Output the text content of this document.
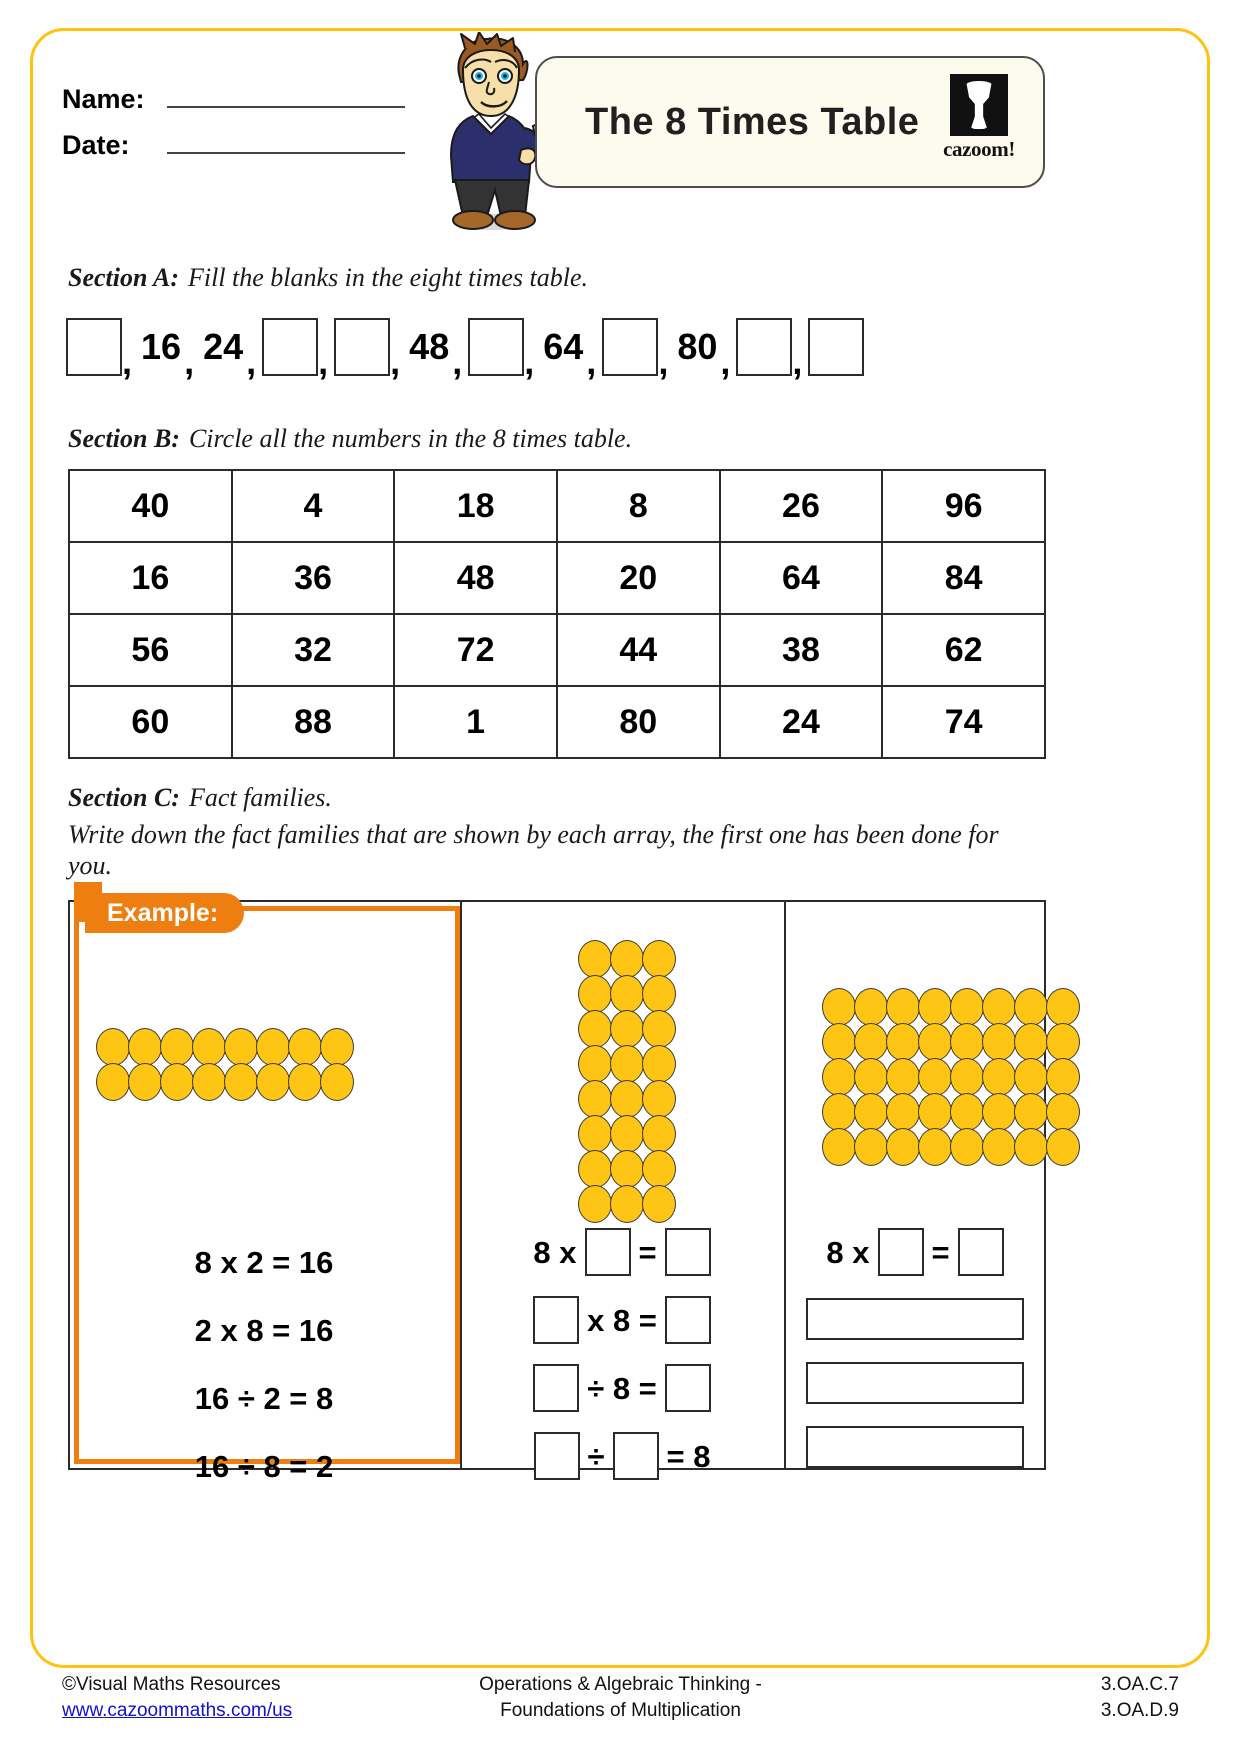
Name:
Date:
The 8 Times Table
cazoom!
Section A: Fill the blanks in the eight times table.
, 16 , 24 , , , 48 , , 64 , , 80 , ,
Section B: Circle all the numbers in the 8 times table.
40	4	18	8	26	96
16	36	48	20	64	84
56	32	72	44	38	62
60	88	1	80	24	74
Section C: Fact families.
Write down the fact families that are shown by each array, the first one has been done for you.
Example:
8 x 2 = 16
2 x 8 = 16
16 ÷ 2 = 8
16 ÷ 8 = 2
8 x =
x 8 =
÷ 8 =
÷ = 8
8 x =
©Visual Maths Resources
www.cazoommaths.com/us
Operations & Algebraic Thinking -
Foundations of Multiplication
3.OA.C.7
3.OA.D.9
